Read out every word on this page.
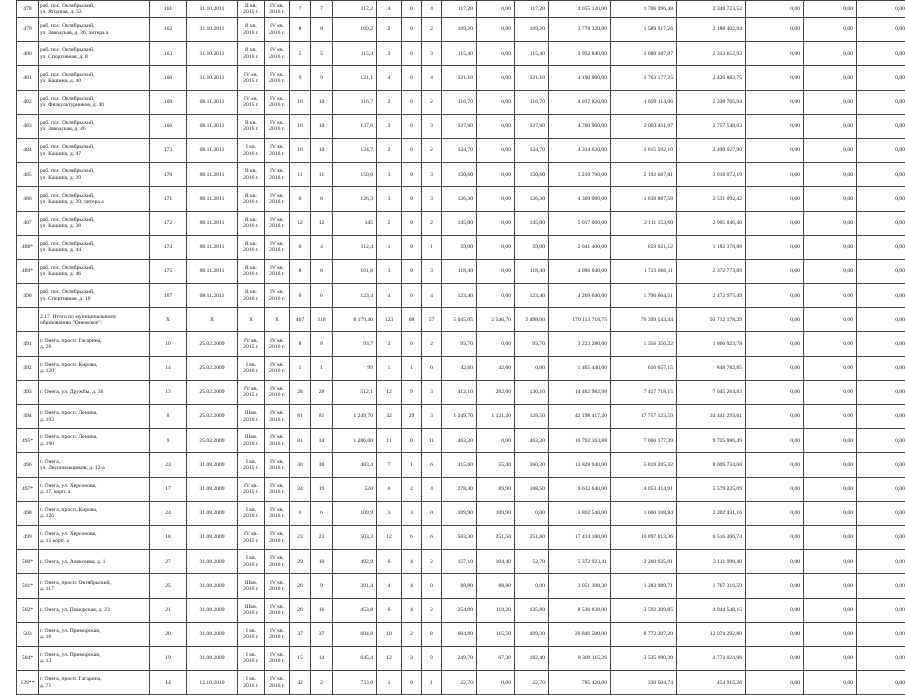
478	раб. пос. Октябрьский,
ул. Ягодная, д. 33	161	31.10.2011	II кв.
2015 г.	IV кв.
2016 г.	7	7	117,2	4	0	4	117,20	0,00	117,20	4 055 120,00	1 706 396,48	2 348 723,52	0,00	0,00	0,00
479	раб. пос. Октябрьский,
ул. Заводская, д. 36, литера а	162	31.10.2011	II кв.
2016 г.	IV кв.
2016 г.	8	8	109,2	2	0	2	109,20	0,00	109,20	3 778 320,00	1 589 917,26	2 188 402,94	0,00	0,00	0,00
480	раб. пос. Октябрьский,
ул. Спортивная, д. 8	163	31.10.2011	II кв.
2016 г.	IV кв.
2016 г.	5	5	115,4	3	0	3	115,40	0,00	115,40	3 992 840,00	1 680 187,07	2 312 652,93	0,00	0,00	0,00
481	раб. пос. Октябрьский,
ул. Кашина, д. 40	160	31.10.2011	IV кв.
2015 г.	IV кв.
2016 г.	9	9	121,1	4	0	4	121,10	0,00	121,10	4 190 060,00	1 763 177,25	2 426 882,75	0,00	0,00	0,00
482	раб. пос. Октябрьский,
ул. Физкультурников, д. 40	169	08.11.2011	IV кв.
2015 г.	IV кв.
2016 г.	10	10	116,7	2	0	2	116,70	0,00	116,70	4 037 820,00	1 699 114,06	2 338 705,94	0,00	0,00	0,00
483	раб. пос. Октябрьский,
ул. Заводская, д. 46	166	08.11.2011	II кв.
2016 г.	IV кв.
2016 г.	10	10	137,6	3	0	3	137,60	0,00	137,60	4 760 960,00	2 003 411,97	2 757 548,03	0,00	0,00	0,00
484	раб. пос. Октябрьский,
ул. Кашина, д. 47	173	08.11.2011	I кв.
2016 г.	IV кв.
2016 г.	10	10	124,7	2	0	2	124,70	0,00	124,70	4 314 620,00	1 815 592,10	2 499 027,90	0,00	0,00	0,00
485	раб. пос. Октябрьский,
ул. Кашина, д. 39	170	08.11.2011	II кв.
2016 г.	IV кв.
2016 г.	11	11	150,6	3	0	3	150,60	0,00	150,60	5 210 760,00	2 192 687,81	3 018 072,19	0,00	0,00	0,00
486	раб. пос. Октябрьский,
ул. Кашина, д. 39, литера а	171	08.11.2011	II кв.
2016 г.	IV кв.
2016 г.	6	6	126,3	3	0	3	126,30	0,00	126,30	4 369 980,00	1 838 887,58	2 531 092,42	0,00	0,00	0,00
487	раб. пос. Октябрьский,
ул. Кашина, д. 38	172	08.11.2011	II кв.
2016 г.	IV кв.
2016 г.	12	12	145	2	0	2	145,00	0,00	145,00	5 017 000,00	2 111 153,60	2 905 846,40	0,00	0,00	0,00
488*	раб. пос. Октябрьский,
ул. Кашина, д. 44	174	08.11.2011	II кв.
2016 г.	IV кв.
2016 г.	6	4	112,4	1	0	1	59,00	0,00	59,00	2 041 400,00	859 021,12	1 182 378,88	0,00	0,00	0,00
489*	раб. пос. Октябрьский,
ул. Кашина, д. 46	175	08.11.2011	II кв.
2016 г.	IV кв.
2016 г.	8	6	161,8	3	0	3	118,40	0,00	118,40	4 096 640,00	1 723 866,11	2 372 773,89	0,00	0,00	0,00
490	раб. пос. Октябрьский,
ул. Спортивная, д. 10	167	08.11.2011	II кв.
2016 г.	IV кв.
2016 г.	6	6	123,4	4	0	4	123,40	0,00	123,40	4 269 640,00	1 796 664,51	2 472 975,49	0,00	0,00	0,00
	2.17. Итого по муниципальному
образованию "Онежское":	X	X	X	X	467	318	8 179,40	123	68	57	5 045,05	2 546,70	2 498,00	170 113 718,75	76 399 543,44	93 712 178,29	0,00	0,00	0,00
491	г. Онега, просп. Гагарина,
д. 26	10	25.02.2009	IV кв.
2015 г.	IV кв.
2016 г.	8	8	93,7	2	0	2	93,70	0,00	93,70	3 223 280,00	1 356 356,22	1 866 923,78	0,00	0,00	0,00
492	г. Онега, просп. Кирова,
д. 120	14	25.02.2009	I кв.
2016 г.	IV кв.
2016 г.	1	1	99	1	1	0	42,60	42,60	0,00	1 465 440,00	616 657,15	848 782,85	0,00	0,00	0,00
493	г. Онега, ул. Дружбы, д. 36	13	25.02.2009	IV кв.
2015 г.	IV кв.
2016 г.	28	28	512,1	12	9	3	412,10	282,00	130,10	14 462 982,98	7 417 718,15	7 045 264,83	0,00	0,00	0,00
494	г. Онега, просп. Ленина,
д. 192	8	25.02.2009	IIIкв.
2016 г.	IV кв.
2016 г.	81	81	1 249,70	32	29	3	1 249,70	1 121,20	128,50	42 198 417,20	17 757 123,59	24 441 293,61	0,00	0,00	0,00
495*	г. Онега, просп. Ленина,
д. 190	9	25.02.2009	IIIкв.
2016 г.	IV кв.
2016 г.	81	34	1 286,00	11	0	11	463,20	0,00	463,20	16 792 163,88	7 066 177,39	9 725 986,49	0,00	0,00	0,00
496	г. Онега,
ул. Лесопильщиков, д. 12-а	23	31.08.2009	I кв.
2015 г.	IV кв.
2016 г.	30	30	483,4	7	1	6	415,60	55,40	360,20	13 828 940,00	5 819 205,32	8 009 734,68	0,00	0,00	0,00
497*	г. Онега, ул. Херсонова,
д. 17, корп. а	17	31.08.2009	IV кв.
2015 г.	IV кв.
2016 г.	34	19	520	6	2	4	278,40	89,90	188,50	9 632 640,00	4 053 414,91	5 579 225,09	0,00	0,00	0,00
498	г. Онега, просп. Кирова,
д. 126	24	31.08.2009	I кв.
2016 г.	IV кв.
2016 г.	6	6	109,9	3	3	0	109,90	109,90	0,00	3 802 540,00	1 600 108,84	2 202 431,16	0,00	0,00	0,00
499	г. Онега, ул. Херсонова,
д. 15 корп. а	18	31.08.2009	IV кв.
2015 г.	IV кв.
2016 г.	23	23	503,3	12	6	6	503,30	251,50	251,80	17 414 180,00	10 897 813,36	6 516 366,74	0,00	0,00	0,00
500*	г. Онега, ул. Алексеева, д. 1	27	31.08.2009	I кв.
2016 г.	IV кв.
2016 г.	29	10	492,9	6	4	2	157,10	104,40	52,70	5 372 923,41	2 260 925,01	3 111 998,40	0,00	0,00	0,00
501*	г. Онега, просп. Октябрьский,
д. 117	25	31.08.2009	IIIкв.
2016 г.	IV кв.
2016 г.	26	9	391,4	4	4	0	88,80	88,80	0,00	3 051 398,30	1 283 989,71	1 767 316,59	0,00	0,00	0,00
502*	г. Онега, ул. Поморская, д. 23	21	31.08.2009	IIIкв.
2016 г.	IV кв.
2016 г.	26	16	453,8	6	4	2	254,00	118,20	135,80	8 536 838,00	3 592 309,85	4 944 548,15	0,00	0,00	0,00
503	г. Онега, ул. Приморская,
д. 16	20	31.08.2009	I кв.
2016 г.	IV кв.
2016 г.	37	37	604,8	10	2	8	604,80	115,50	489,30	20 846 500,00	8 772 207,20	12 074 292,80	0,00	0,00	0,00
504*	г. Онега, ул. Приморская,
д. 13	19	31.08.2009	I кв.
2016 г.	IV кв.
2016 г.	15	14	645,4	12	3	9	249,70	67,30	182,40	8 309 115,26	3 535 090,30	4 774 024,96	0,00	0,00	0,00
139**	г. Онега, просп. Гагарина,
д. 71	14	12.10.2010	I кв.
2016 г.	IV кв.
2016 г.	42	2	733,0	1	0	1	22,70	0,00	22,70	785 420,00	330 504,74	454 915,26	0,00	0,00	0,00
